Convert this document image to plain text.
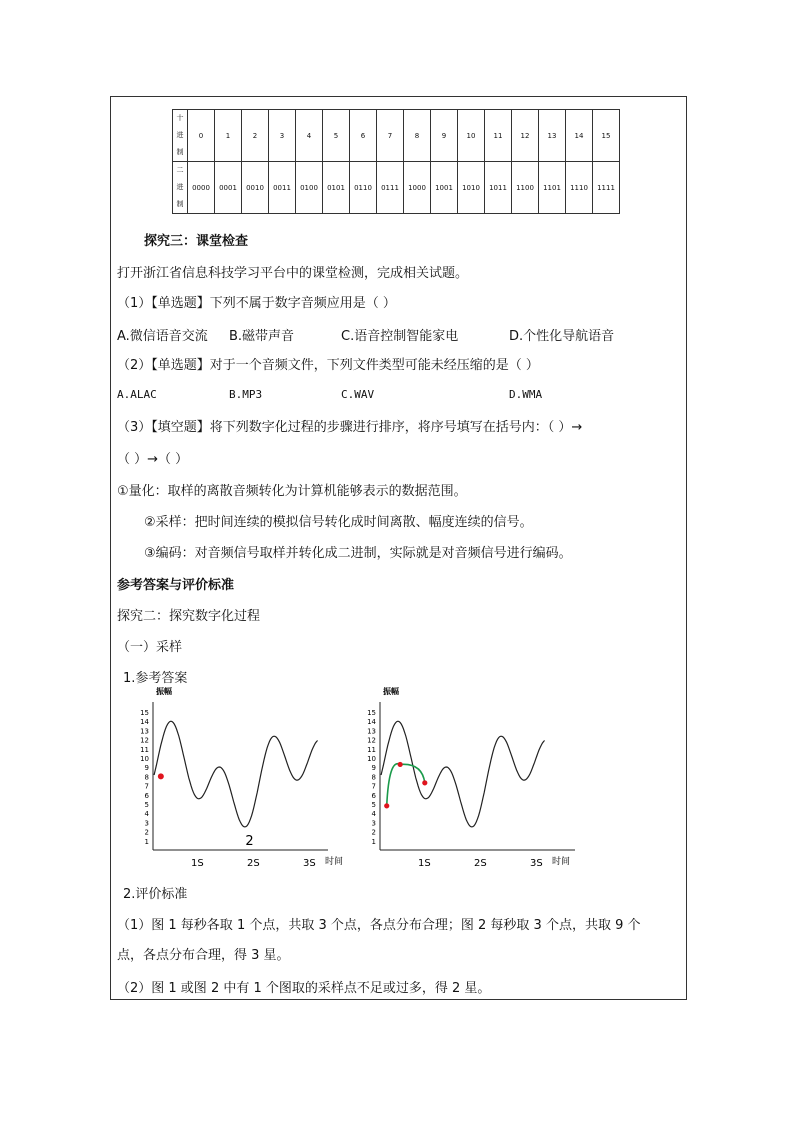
十
进
制	0	1	2	3	4	5	6	7	8	9	10	11	12	13	14	15

二
进
制	0000	0001	0010	0011	0100	0101	0110	0111	1000	1001	1010	1011	1100	1101	1110	1111
探究三：课堂检查
打开浙江省信息科技学习平台中的课堂检测，完成相关试题。
（1）【单选题】下列不属于数字音频应用是（ ）
A.微信语音交流 B.磁带声音	C.语音控制智能家电	D.个性化导航语音
（2）【单选题】对于一个音频文件，下列文件类型可能未经压缩的是（ ）
A.ALAC	B.MP3	C.WAV	D.WMA
（3）【填空题】将下列数字化过程的步骤进行排序，将序号填写在括号内：（ ）→
（ ）→（ ）
①量化：取样的离散音频转化为计算机能够表示的数据范围。
②采样：把时间连续的模拟信号转化成时间离散、幅度连续的信号。
③编码：对音频信号取样并转化成二进制，实际就是对音频信号进行编码。
参考答案与评价标准
探究二：探究数字化过程
（一）采样
1.参考答案
振幅
1
2
3
4
5
6
7
8
9
10
11
12
13
14
15
1S	2S	3S 时间
2
振幅
1
2
3
4
5
6
7
8
9
10
11
12
13
14
15
1S	2S	3S 时间
2.评价标准
（1）图 1 每秒各取 1 个点，共取 3 个点，各点分布合理；图 2 每秒取 3 个点，共取 9 个
点，各点分布合理，得 3 星。
（2）图 1 或图 2 中有 1 个图取的采样点不足或过多，得 2 星。
